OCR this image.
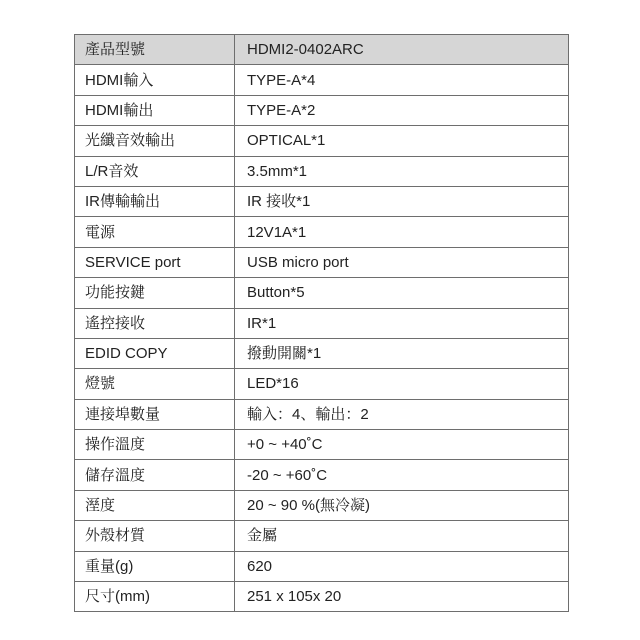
產品型號	HDMI2-0402ARC
HDMI輸入	TYPE-A*4
HDMI輸出	TYPE-A*2
光纖音效輸出	OPTICAL*1
L/R音效	3.5mm*1
IR傳輸輸出	IR 接收*1
電源	12V1A*1
SERVICE port	USB micro port
功能按鍵	Button*5
遙控接收	IR*1
EDID COPY	撥動開關*1
燈號	LED*16
連接埠數量	輸入：4、輸出：2
操作溫度	+0 ~ +40˚C
儲存溫度	-20 ~ +60˚C
溼度	20 ~ 90 %(無冷凝)
外殼材質	金屬
重量(g)	620
尺寸(mm)	251 x 105x 20
